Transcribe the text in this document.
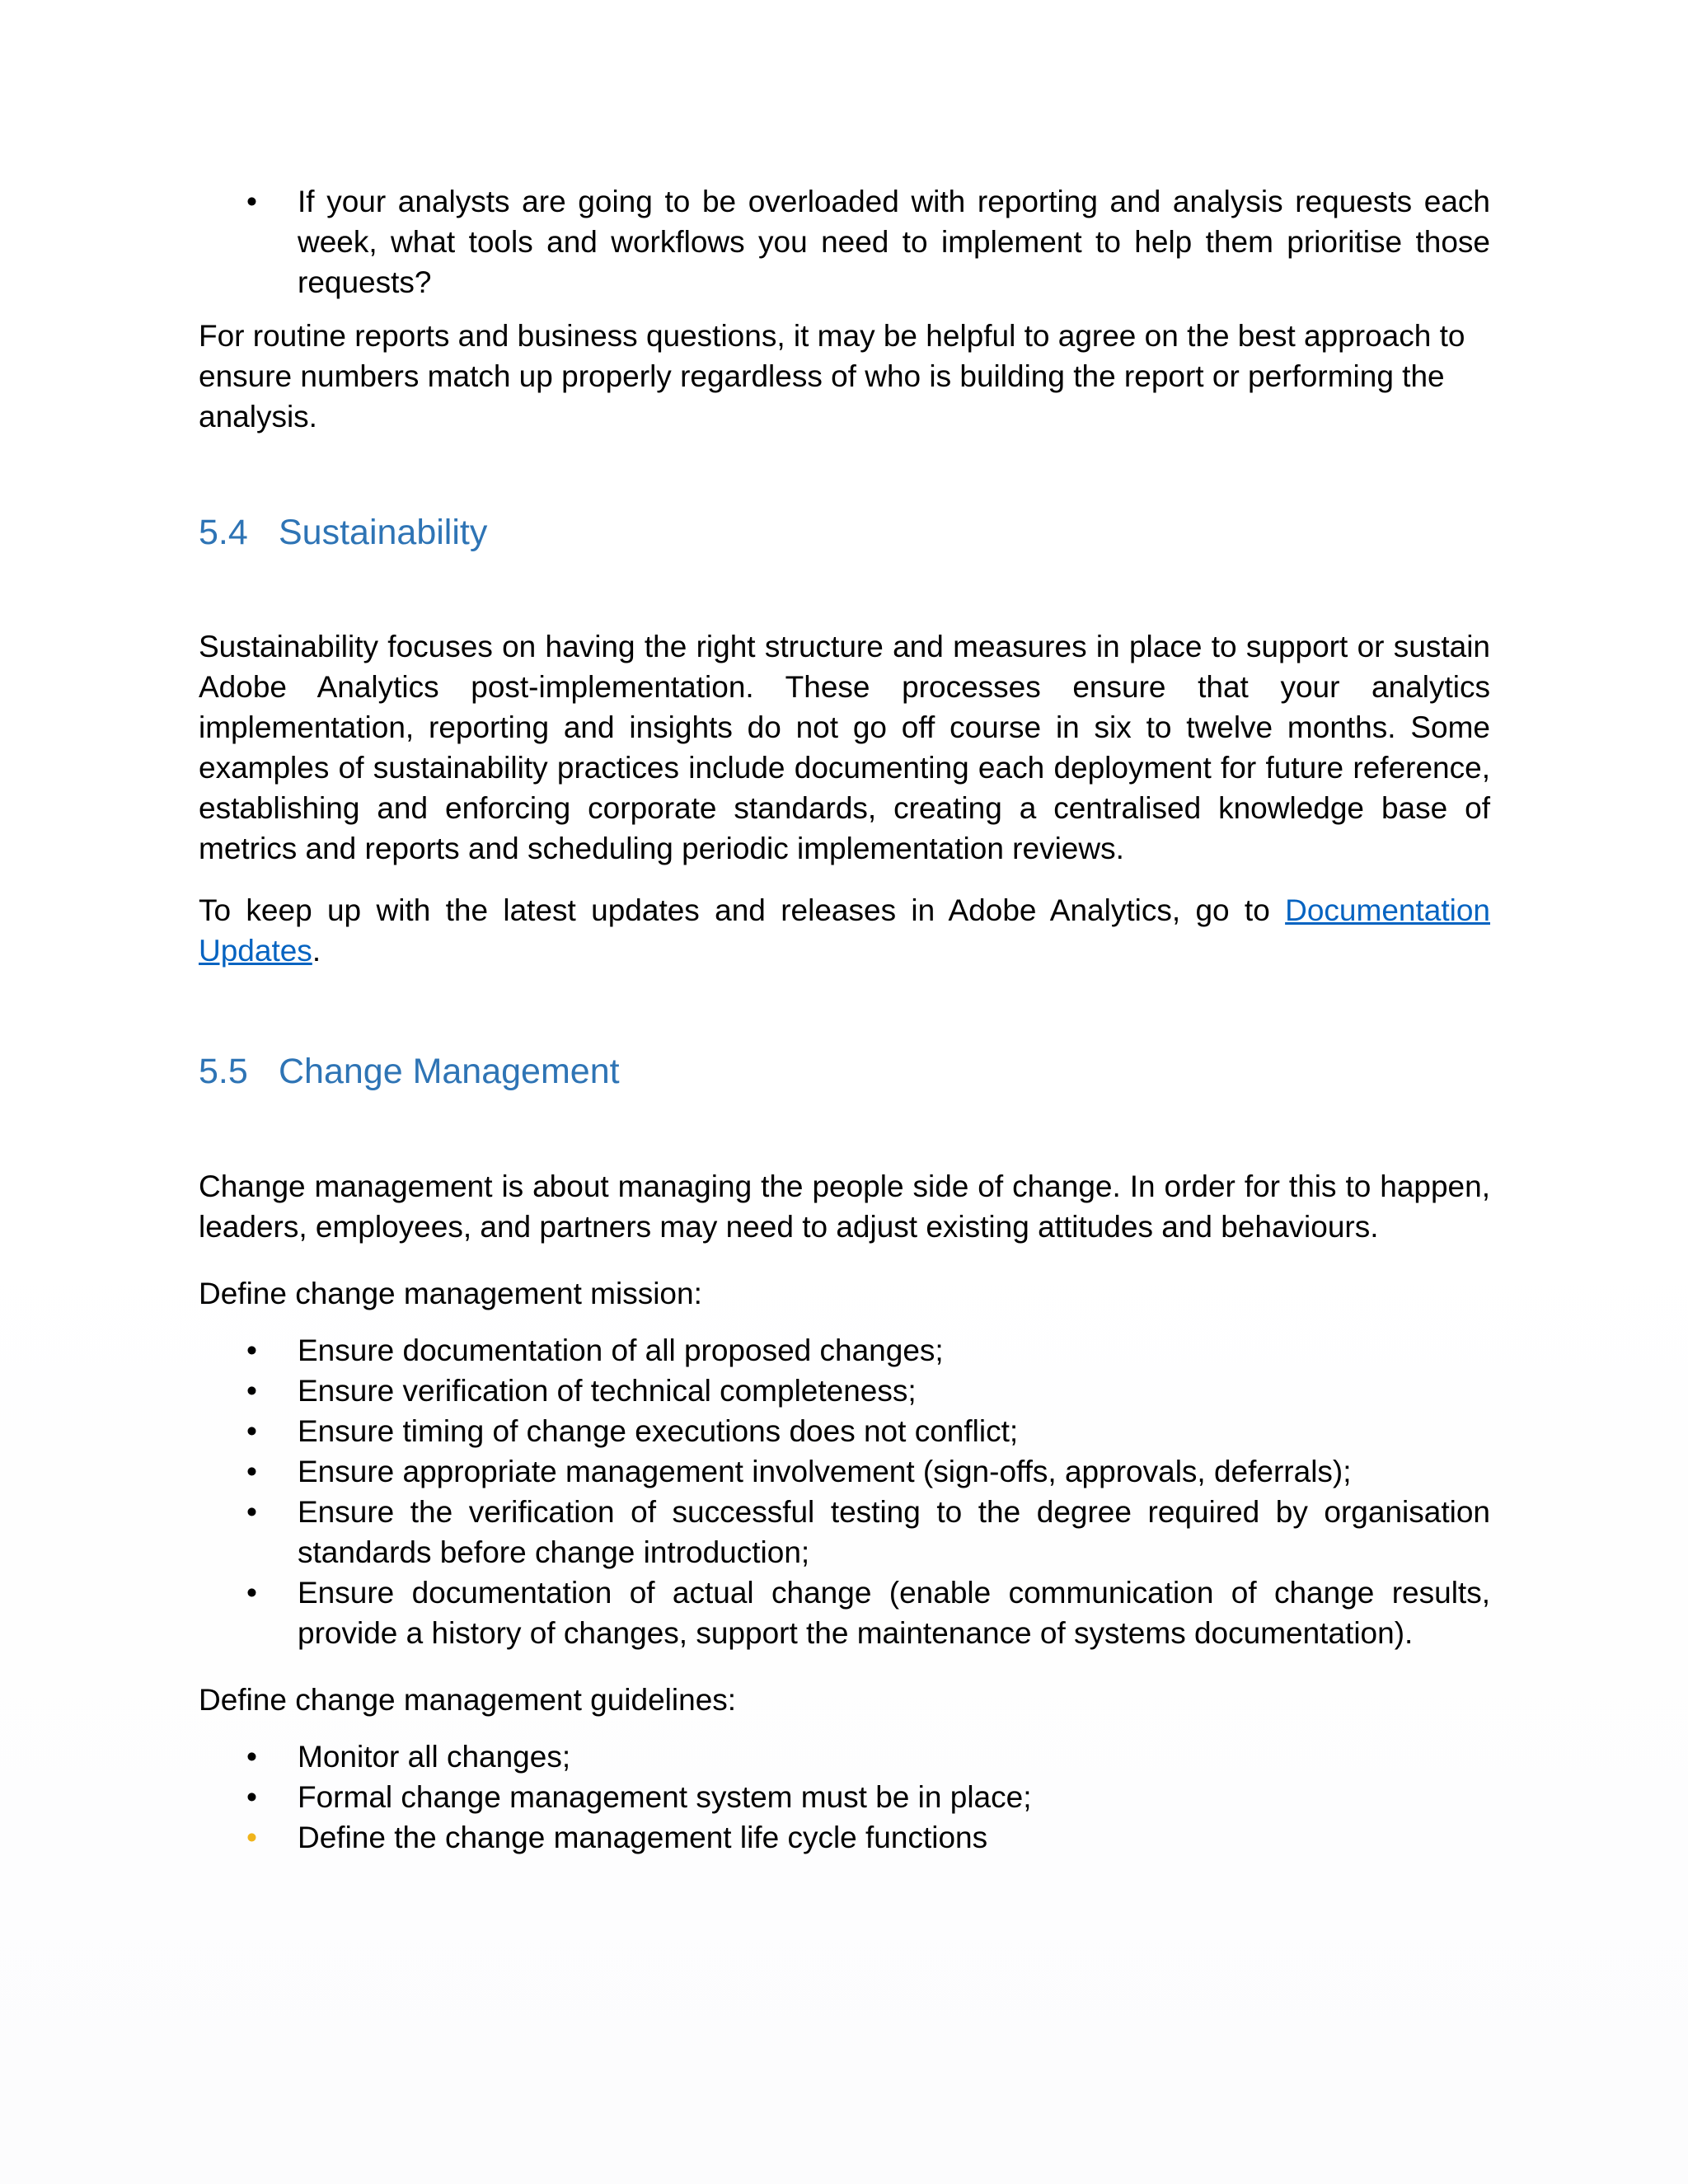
•	If your analysts are going to be overloaded with reporting and analysis requests each week, what tools and workflows you need to implement to help them prioritise those requests?

For routine reports and business questions, it may be helpful to agree on the best approach to ensure numbers match up properly regardless of who is building the report or performing the analysis.

5.4 Sustainability

Sustainability focuses on having the right structure and measures in place to support or sustain Adobe Analytics post-implementation. These processes ensure that your analytics implementation, reporting and insights do not go off course in six to twelve months. Some examples of sustainability practices include documenting each deployment for future reference, establishing and enforcing corporate standards, creating a centralised knowledge base of metrics and reports and scheduling periodic implementation reviews.

To keep up with the latest updates and releases in Adobe Analytics, go to Documentation Updates.

5.5 Change Management

Change management is about managing the people side of change. In order for this to happen, leaders, employees, and partners may need to adjust existing attitudes and behaviours.

Define change management mission:

•	Ensure documentation of all proposed changes;
•	Ensure verification of technical completeness;
•	Ensure timing of change executions does not conflict;
•	Ensure appropriate management involvement (sign-offs, approvals, deferrals);
•	Ensure the verification of successful testing to the degree required by organisation standards before change introduction;
•	Ensure documentation of actual change (enable communication of change results, provide a history of changes, support the maintenance of systems documentation).

Define change management guidelines:

•	Monitor all changes;
•	Formal change management system must be in place;
•	Define the change management life cycle functions
